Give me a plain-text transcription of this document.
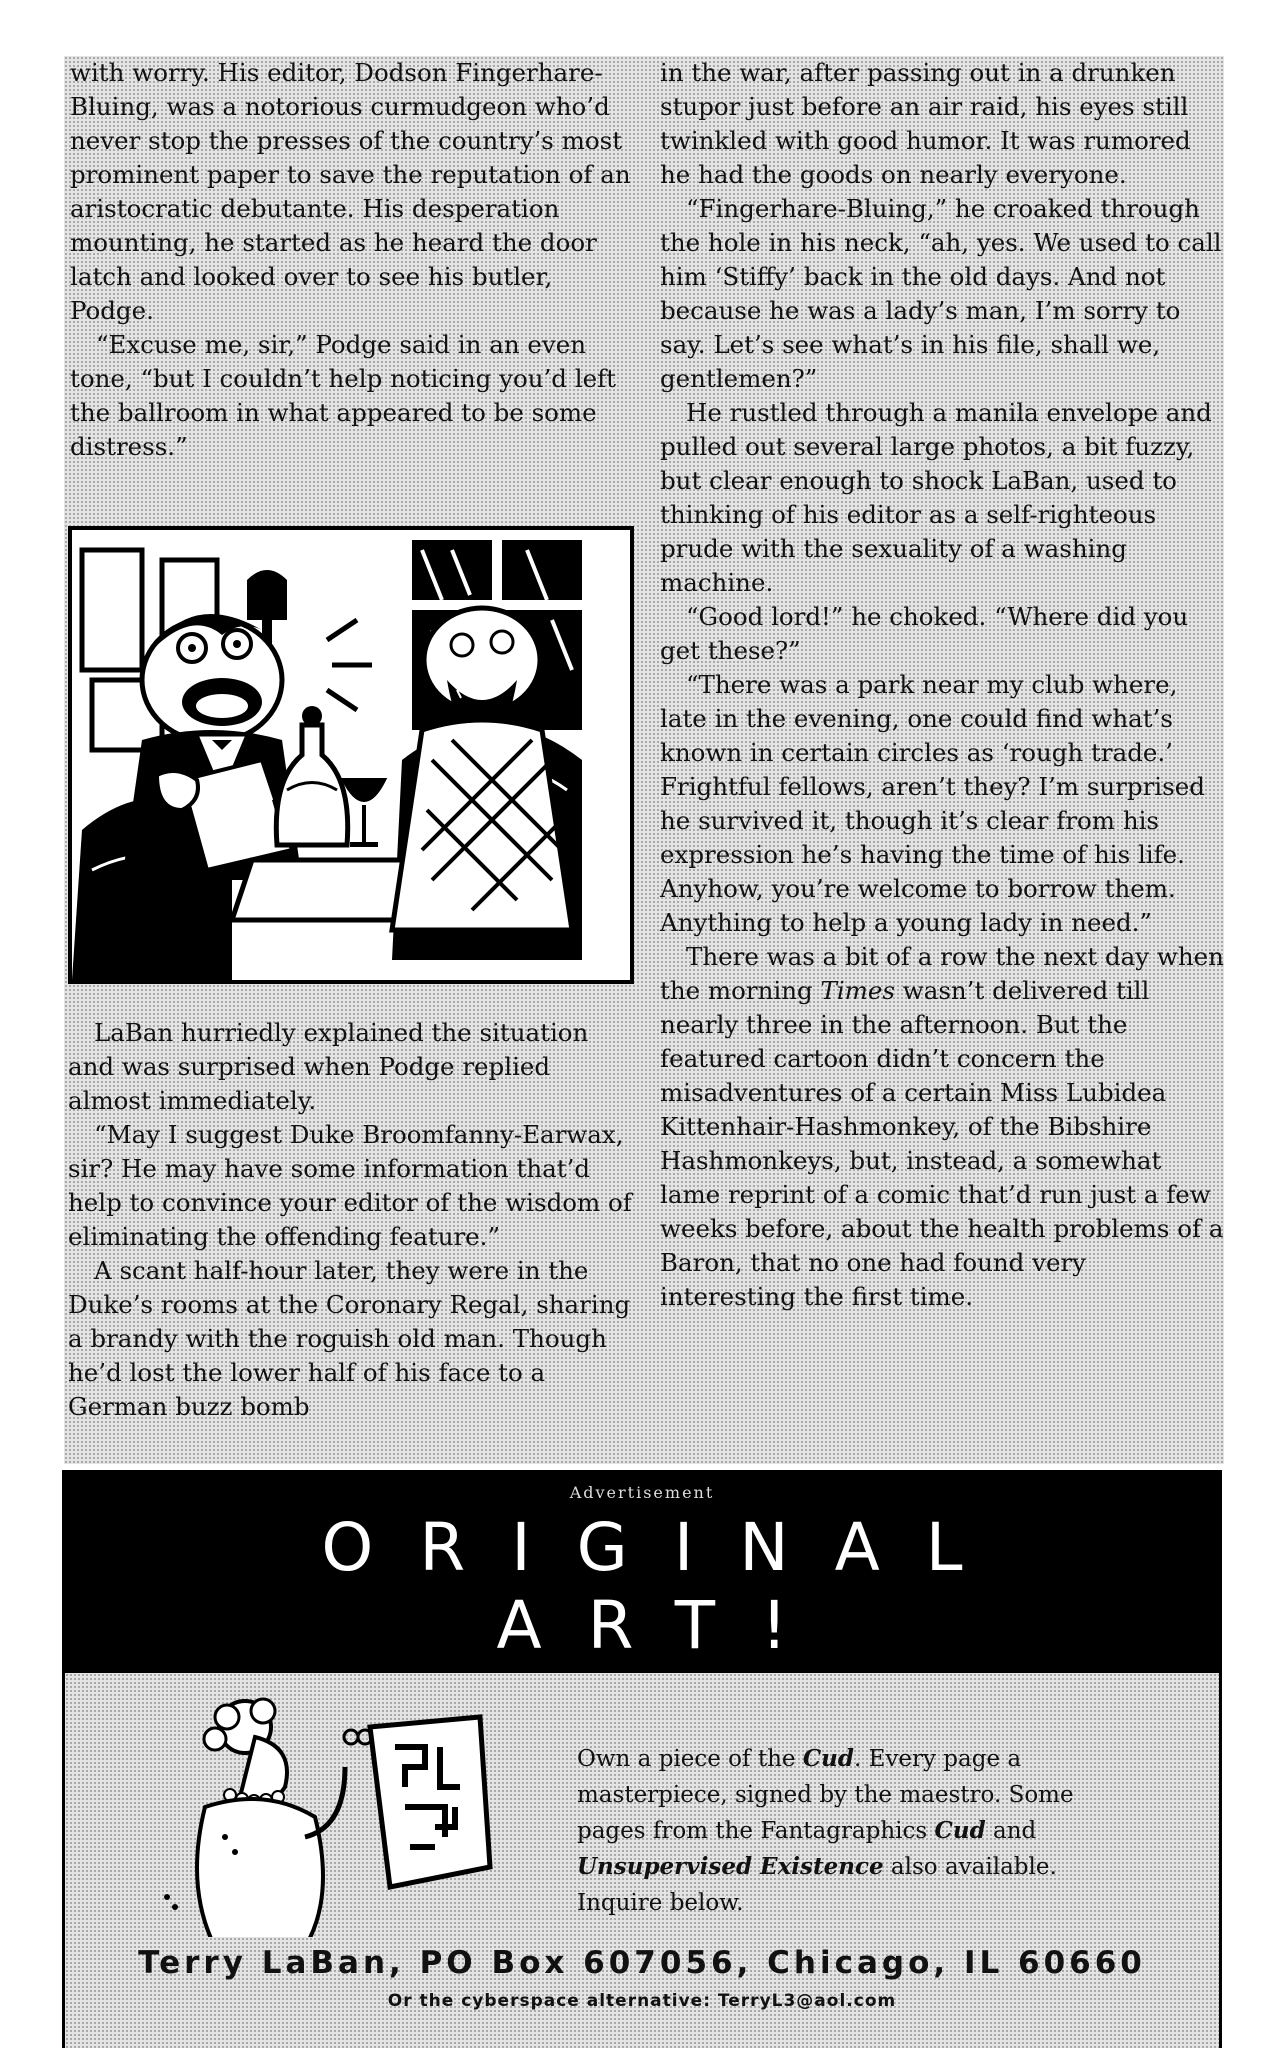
with worry. His editor, Dodson Fingerhare-Bluing, was a notorious curmudgeon who’d never stop the presses of the country’s most prominent paper to save the reputation of an aristocratic debutante. His desperation mounting, he started as he heard the door latch and looked over to see his butler, Podge.

“Excuse me, sir,” Podge said in an even tone, “but I couldn’t help noticing you’d left the ballroom in what appeared to be some distress.”

LaBan hurriedly explained the situation and was surprised when Podge replied almost immediately.

“May I suggest Duke Broomfanny-Earwax, sir? He may have some information that’d help to convince your editor of the wisdom of eliminating the offending feature.”

A scant half-hour later, they were in the Duke’s rooms at the Coronary Regal, sharing a brandy with the roguish old man. Though he’d lost the lower half of his face to a German buzz bomb

in the war, after passing out in a drunken stupor just before an air raid, his eyes still twinkled with good humor. It was rumored he had the goods on nearly everyone.

“Fingerhare-Bluing,” he croaked through the hole in his neck, “ah, yes. We used to call him ‘Stiffy’ back in the old days. And not because he was a lady’s man, I’m sorry to say. Let’s see what’s in his file, shall we, gentlemen?”

He rustled through a manila envelope and pulled out several large photos, a bit fuzzy, but clear enough to shock LaBan, used to thinking of his editor as a self-righteous prude with the sexuality of a washing machine.

“Good lord!” he choked. “Where did you get these?”

“There was a park near my club where, late in the evening, one could find what’s known in certain circles as ‘rough trade.’ Frightful fellows, aren’t they? I’m surprised he survived it, though it’s clear from his expression he’s having the time of his life. Anyhow, you’re welcome to borrow them. Anything to help a young lady in need.”

There was a bit of a row the next day when the morning Times wasn’t delivered till nearly three in the afternoon. But the featured cartoon didn’t concern the misadventures of a certain Miss Lubidea Kittenhair-Hashmonkey, of the Bibshire Hashmonkeys, but, instead, a somewhat lame reprint of a comic that’d run just a few weeks before, about the health problems of a Baron, that no one had found very interesting the first time.

Advertisement
ORIGINAL
ART!
Own a piece of the Cud. Every page a masterpiece, signed by the maestro. Some pages from the Fantagraphics Cud and Unsupervised Existence also available. Inquire below.
Terry LaBan, PO Box 607056, Chicago, IL 60660
Or the cyberspace alternative: TerryL3@aol.com
